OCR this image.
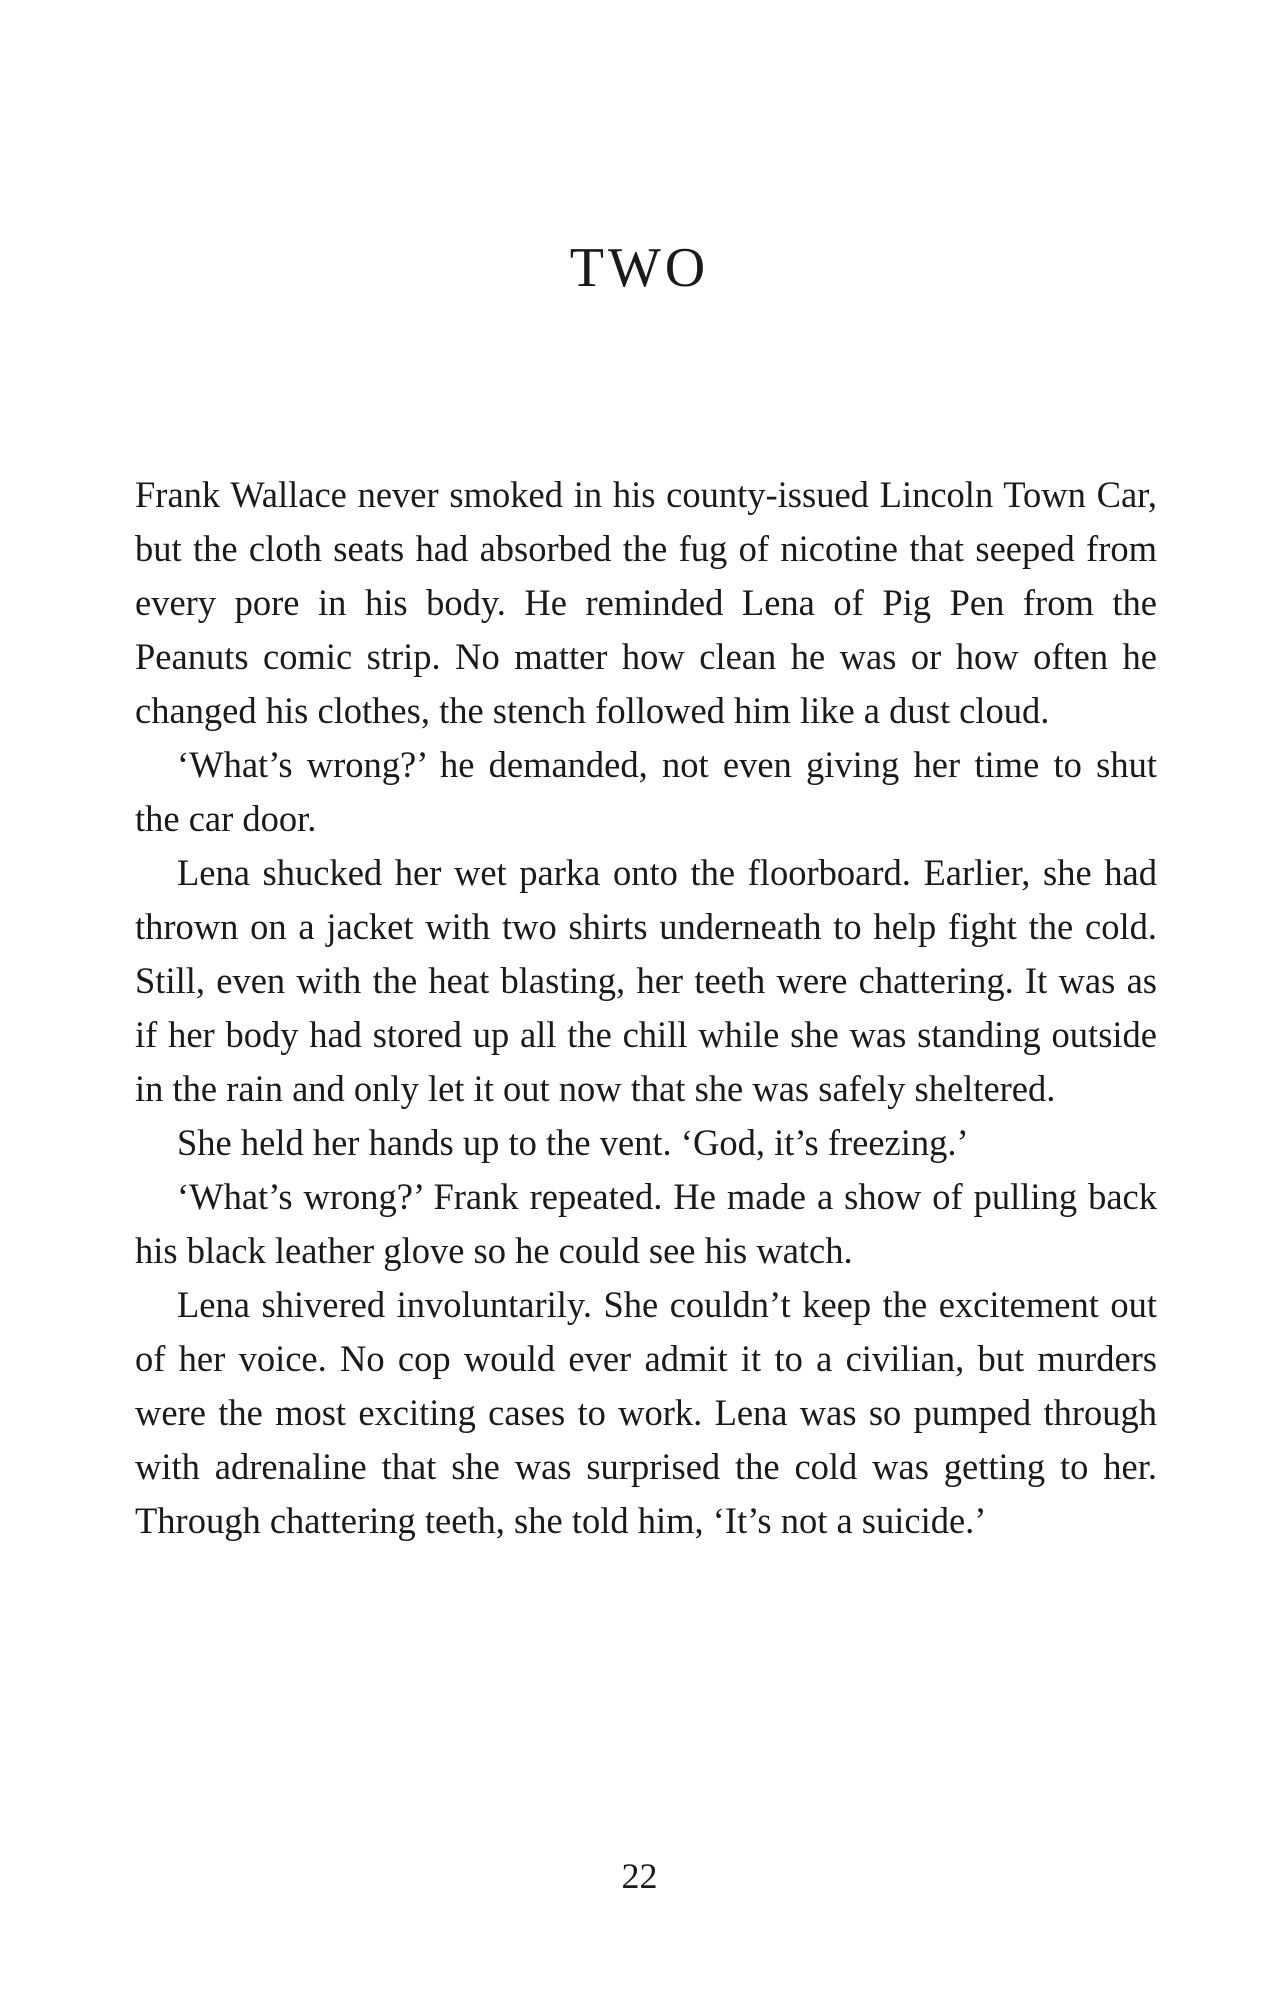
TWO

Frank Wallace never smoked in his county-issued Lincoln Town Car, but the cloth seats had absorbed the fug of nicotine that seeped from every pore in his body. He reminded Lena of Pig Pen from the Peanuts comic strip. No matter how clean he was or how often he changed his clothes, the stench followed him like a dust cloud.

‘What’s wrong?’ he demanded, not even giving her time to shut the car door.

Lena shucked her wet parka onto the floorboard. Earlier, she had thrown on a jacket with two shirts underneath to help fight the cold. Still, even with the heat blasting, her teeth were chattering. It was as if her body had stored up all the chill while she was standing outside in the rain and only let it out now that she was safely sheltered.

She held her hands up to the vent. ‘God, it’s freezing.’

‘What’s wrong?’ Frank repeated. He made a show of pulling back his black leather glove so he could see his watch.

Lena shivered involuntarily. She couldn’t keep the excitement out of her voice. No cop would ever admit it to a civilian, but murders were the most exciting cases to work. Lena was so pumped through with adrenaline that she was surprised the cold was getting to her. Through chattering teeth, she told him, ‘It’s not a suicide.’

22
